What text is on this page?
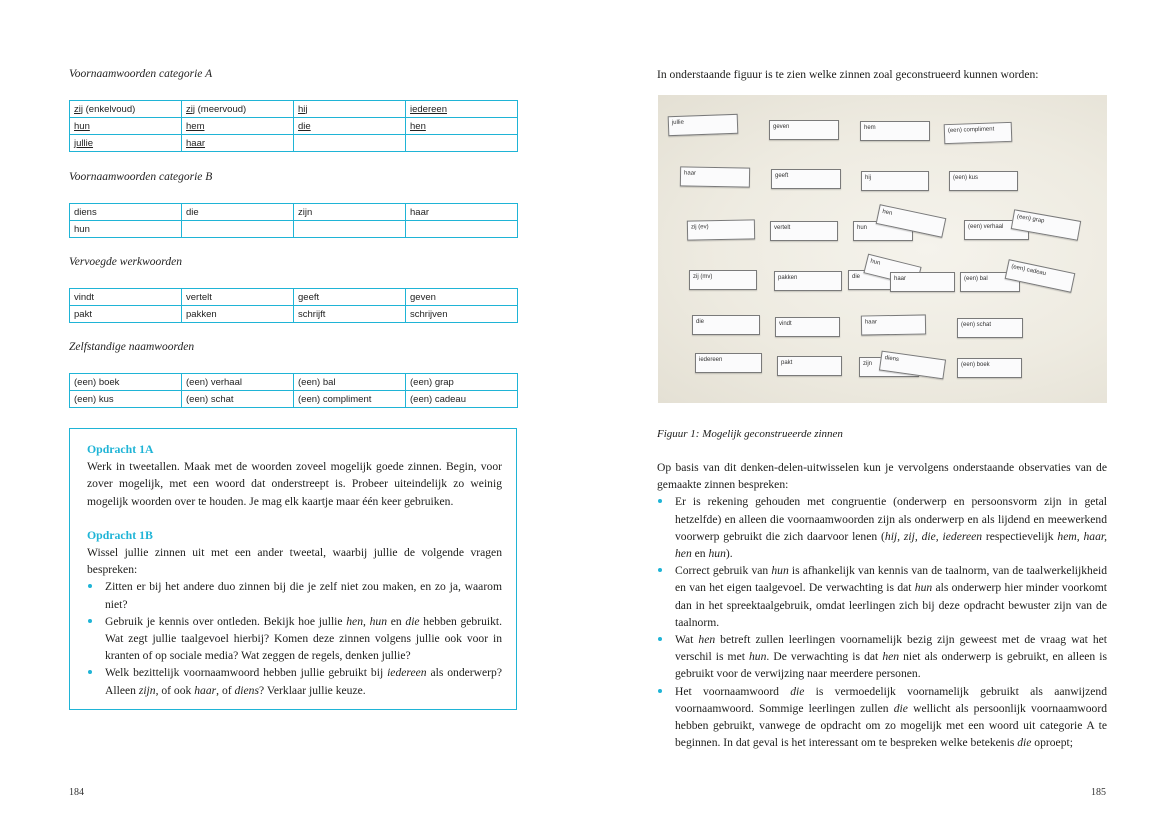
Voornaamwoorden categorie A
zij (enkelvoud)	zij (meervoud)	hij	iedereen
hun	hem	die	hen
jullie	haar		
Voornaamwoorden categorie B
diens	die	zijn	haar
hun			
Vervoegde werkwoorden
vindt	vertelt	geeft	geven
pakt	pakken	schrijft	schrijven
Zelfstandige naamwoorden
(een) boek	(een) verhaal	(een) bal	(een) grap
(een) kus	(een) schat	(een) compliment	(een) cadeau
Opdracht 1A
Werk in tweetallen. Maak met de woorden zoveel mogelijk goede zinnen. Begin, voor zover mogelijk, met een woord dat onderstreept is. Probeer uiteindelijk zo weinig mogelijk woorden over te houden. Je mag elk kaartje maar één keer gebruiken.
Opdracht 1B
Wissel jullie zinnen uit met een ander tweetal, waarbij jullie de volgende vragen bespreken:
Zitten er bij het andere duo zinnen bij die je zelf niet zou maken, en zo ja, waarom niet?
Gebruik je kennis over ontleden. Bekijk hoe jullie hen, hun en die hebben gebruikt. Wat zegt jullie taalgevoel hierbij? Komen deze zinnen volgens jullie ook voor in kranten of op sociale media? Wat zeggen de regels, denken jullie?
Welk bezittelijk voornaamwoord hebben jullie gebruikt bij iedereen als onderwerp? Alleen zijn, of ook haar, of diens? Verklaar jullie keuze.
184
In onderstaande figuur is te zien welke zinnen zoal geconstrueerd kunnen worden:
jullie
geven	hem	(een) compliment
haar	geeft	hij	(een) kus
zij (ev)	vertelt	hun
hen
(een) verhaal
(een) grap
zij (mv)	pakken	die
hun
haar	(een) bal
(een) cadeau
die	vindt	haar	(een) schat
iedereen	pakt	zijn
diens
(een) boek
Figuur 1: Mogelijk geconstrueerde zinnen
Op basis van dit denken-delen-uitwisselen kun je vervolgens onderstaande observaties van de gemaakte zinnen bespreken:
Er is rekening gehouden met congruentie (onderwerp en persoonsvorm zijn in getal hetzelfde) en alleen die voornaamwoorden zijn als onderwerp en als lijdend en meewerkend voorwerp gebruikt die zich daarvoor lenen (hij, zij, die, iedereen respectievelijk hem, haar, hen en hun).
Correct gebruik van hun is afhankelijk van kennis van de taalnorm, van de taalwerkelijkheid en van het eigen taalgevoel. De verwachting is dat hun als onderwerp hier minder voorkomt dan in het spreektaalgebruik, omdat leerlingen zich bij deze opdracht bewuster zijn van de taalnorm.
Wat hen betreft zullen leerlingen voornamelijk bezig zijn geweest met de vraag wat het verschil is met hun. De verwachting is dat hen niet als onderwerp is gebruikt, en alleen is gebruikt voor de verwijzing naar meerdere personen.
Het voornaamwoord die is vermoedelijk voornamelijk gebruikt als aanwijzend voornaamwoord. Sommige leerlingen zullen die wellicht als persoonlijk voornaamwoord hebben gebruikt, vanwege de opdracht om zo mogelijk met een woord uit categorie A te beginnen. In dat geval is het interessant om te bespreken welke betekenis die oproept;
185
